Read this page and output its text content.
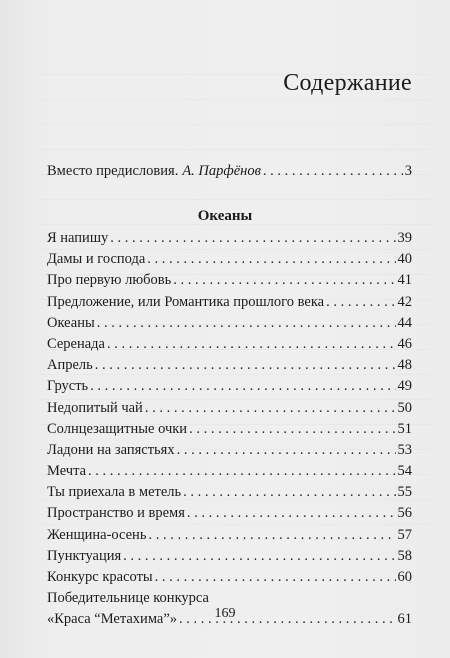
Содержание
Вместо предисловия. А. Парфёнов . . .	3
Океаны
Я напишу . . .	39
Дамы и господа . . .	40
Про первую любовь . . .	41
Предложение, или Романтика прошлого века . . .	42
Океаны . . .	44
Серенада . . .	46
Апрель . . .	48
Грусть . . .	49
Недопитый чай . . .	50
Солнцезащитные очки . . .	51
Ладони на запястьях . . .	53
Мечта . . .	54
Ты приехала в метель . . .	55
Пространство и время . . .	56
Женщина-осень . . .	57
Пунктуация . . .	58
Конкурс красоты . . .	60
Победительнице конкурса
«Краса “Метахима”» . . .	61
169
